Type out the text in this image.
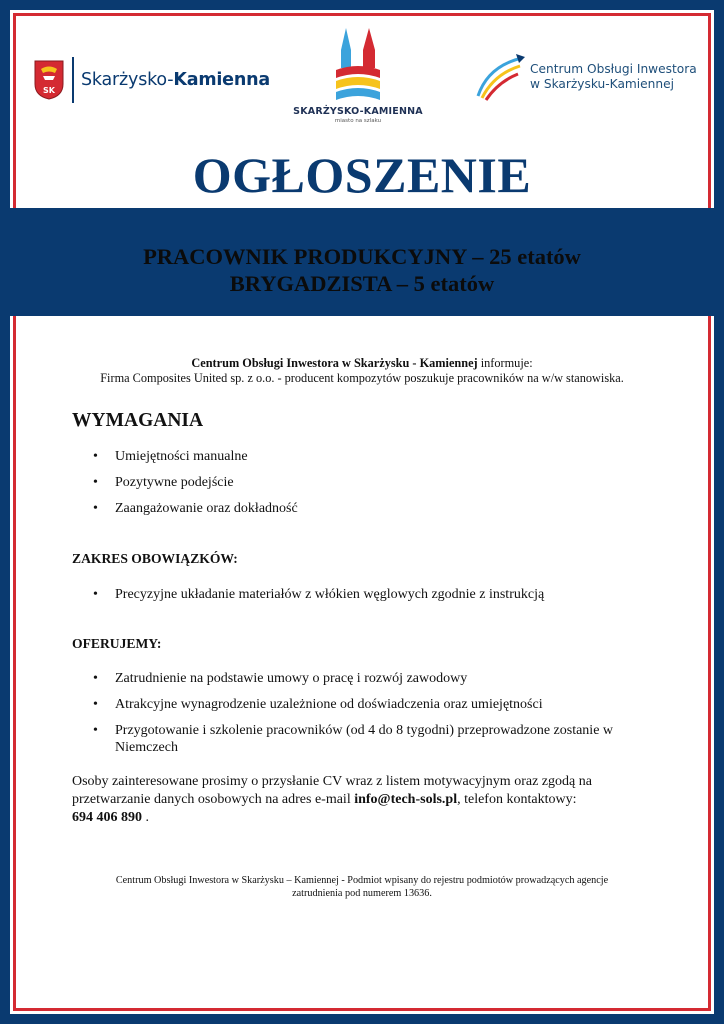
SK
Skarżysko-Kamienna
SKARŻYSKO-KAMIENNA
miasto na szlaku
Centrum Obsługi Inwestora
w Skarżysku-Kamiennej
OGŁOSZENIE
PRACOWNIK PRODUKCYJNY – 25 etatów
BRYGADZISTA – 5 etatów
Centrum Obsługi Inwestora w Skarżysku - Kamiennej informuje:
Firma Composites United sp. z o.o. - producent kompozytów poszukuje pracowników na w/w stanowiska.
WYMAGANIA
• Umiejętności manualne
• Pozytywne podejście
• Zaangażowanie oraz dokładność
ZAKRES OBOWIĄZKÓW:
• Precyzyjne układanie materiałów z włókien węglowych zgodnie z instrukcją
OFERUJEMY:
• Zatrudnienie na podstawie umowy o pracę i rozwój zawodowy
• Atrakcyjne wynagrodzenie uzależnione od doświadczenia oraz umiejętności
• Przygotowanie i szkolenie pracowników (od 4 do 8 tygodni) przeprowadzone zostanie w Niemczech
Osoby zainteresowane prosimy o przysłanie CV wraz z listem motywacyjnym oraz zgodą na przetwarzanie danych osobowych na adres e-mail info@tech-sols.pl, telefon kontaktowy:
694 406 890 .
Centrum Obsługi Inwestora w Skarżysku – Kamiennej - Podmiot wpisany do rejestru podmiotów prowadzących agencje
zatrudnienia pod numerem 13636.
